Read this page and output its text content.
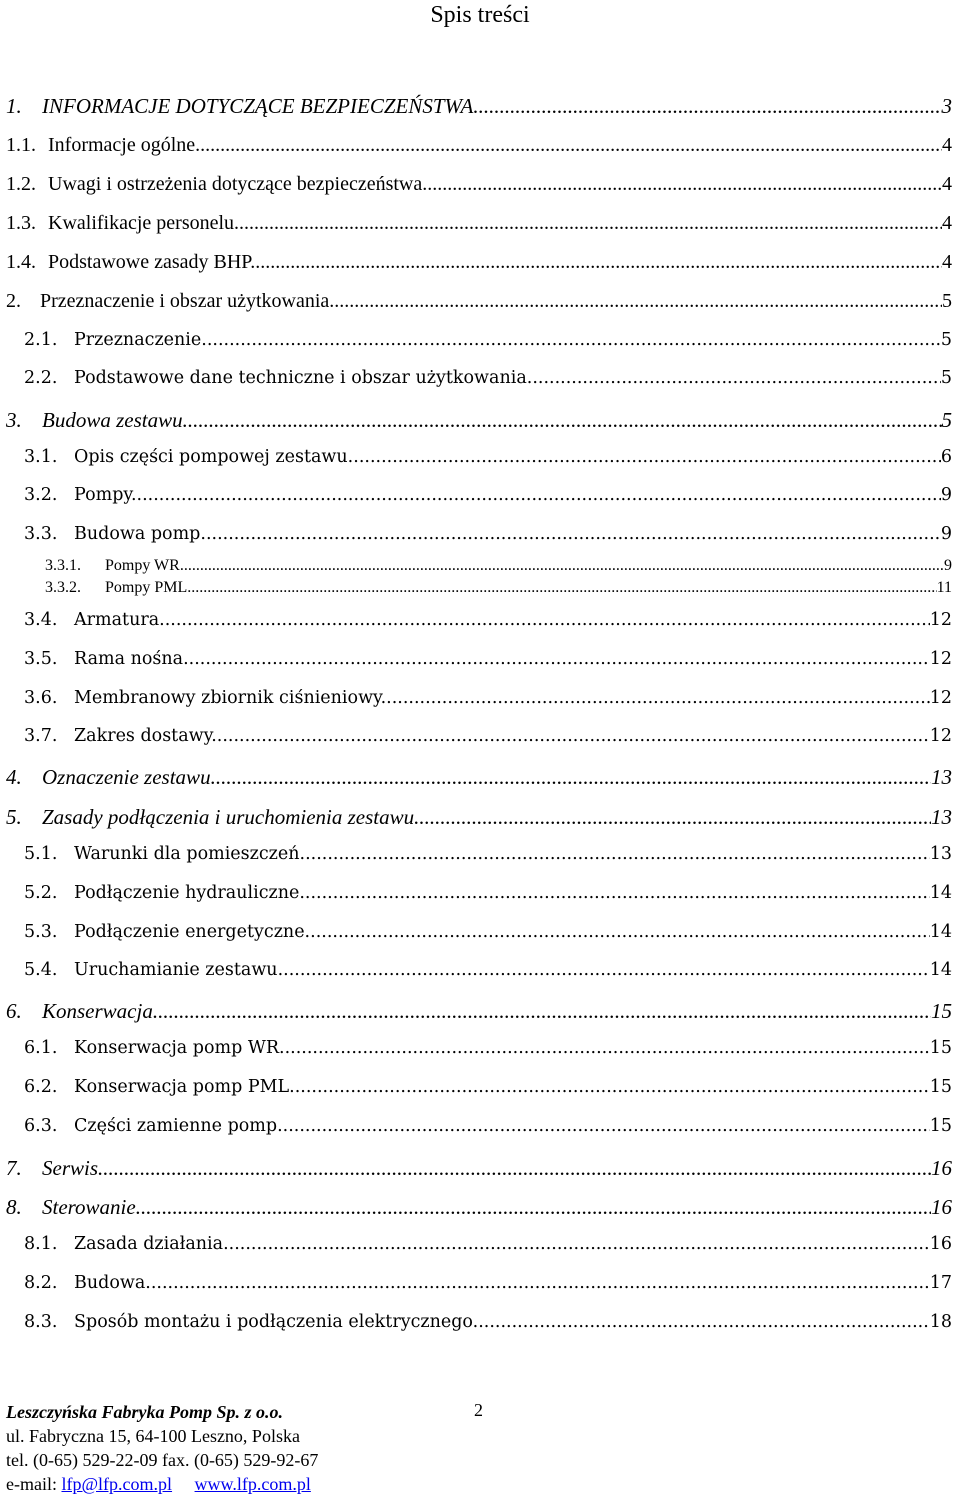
Spis treści
1. INFORMACJE DOTYCZĄCE BEZPIECZEŃSTWA. .....	3
1.1. Informacje ogólne. .....	4
1.2. Uwagi i ostrzeżenia dotyczące bezpieczeństwa. .....	4
1.3. Kwalifikacje personelu. .....	4
1.4. Podstawowe zasady BHP. .....	4
2. Przeznaczenie i obszar użytkowania. .....	5
2.1. Przeznaczenie. .....	5
2.2. Podstawowe dane techniczne i obszar użytkowania. .....	5
3. Budowa zestawu. .....	5
3.1. Opis części pompowej zestawu. .....	6
3.2. Pompy. .....	9
3.3. Budowa pomp. .....	9
3.3.1.	Pompy WR. .....	9
3.3.2.	Pompy PML. .....	11
3.4. Armatura. .....	12
3.5. Rama nośna. .....	12
3.6. Membranowy zbiornik ciśnieniowy. .....	12
3.7. Zakres dostawy. .....	12
4. Oznaczenie zestawu. .....	13
5. Zasady podłączenia i uruchomienia zestawu. .....	13
5.1. Warunki dla pomieszczeń. .....	13
5.2. Podłączenie hydrauliczne. .....	14
5.3. Podłączenie energetyczne. .....	14
5.4. Uruchamianie zestawu. .....	14
6. Konserwacja. .....	15
6.1. Konserwacja pomp WR. .....	15
6.2. Konserwacja pomp PML. .....	15
6.3. Części zamienne pomp. .....	15
7. Serwis. .....	16
8. Sterowanie. .....	16
8.1. Zasada działania. .....	16
8.2. Budowa .....	17
8.3. Sposób montażu i podłączenia elektrycznego. .....	18
2
Leszczyńska Fabryka Pomp Sp. z o.o.
ul. Fabryczna 15, 64-100 Leszno, Polska
tel. (0-65) 529-22-09 fax. (0-65) 529-92-67
e-mail: lfp@lfp.com.pl www.lfp.com.pl
